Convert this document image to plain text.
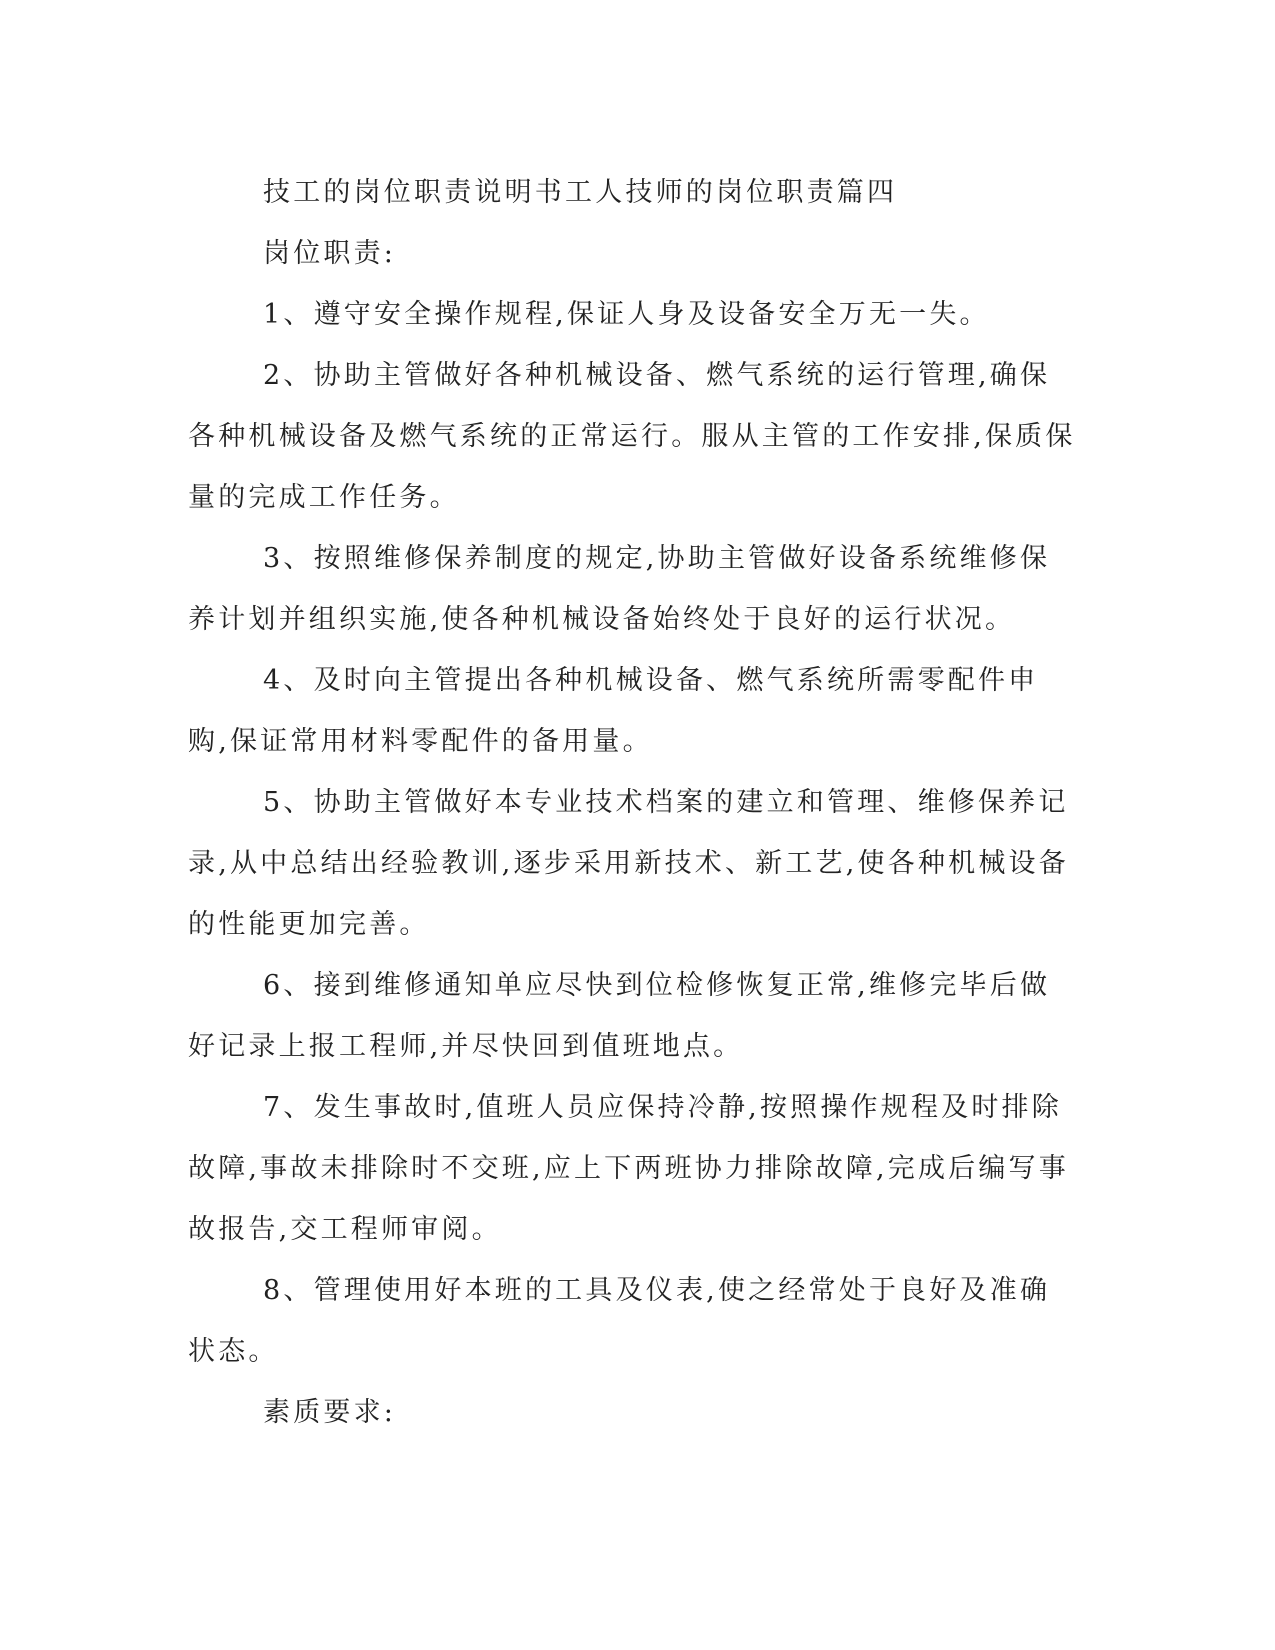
技工的岗位职责说明书工人技师的岗位职责篇四

岗位职责:

1、遵守安全操作规程,保证人身及设备安全万无一失。

2、协助主管做好各种机械设备、燃气系统的运行管理,确保各种机械设备及燃气系统的正常运行。服从主管的工作安排,保质保量的完成工作任务。

3、按照维修保养制度的规定,协助主管做好设备系统维修保养计划并组织实施,使各种机械设备始终处于良好的运行状况。

4、及时向主管提出各种机械设备、燃气系统所需零配件申购,保证常用材料零配件的备用量。

5、协助主管做好本专业技术档案的建立和管理、维修保养记录,从中总结出经验教训,逐步采用新技术、新工艺,使各种机械设备的性能更加完善。

6、接到维修通知单应尽快到位检修恢复正常,维修完毕后做好记录上报工程师,并尽快回到值班地点。

7、发生事故时,值班人员应保持冷静,按照操作规程及时排除故障,事故未排除时不交班,应上下两班协力排除故障,完成后编写事故报告,交工程师审阅。

8、管理使用好本班的工具及仪表,使之经常处于良好及准确状态。

素质要求:
